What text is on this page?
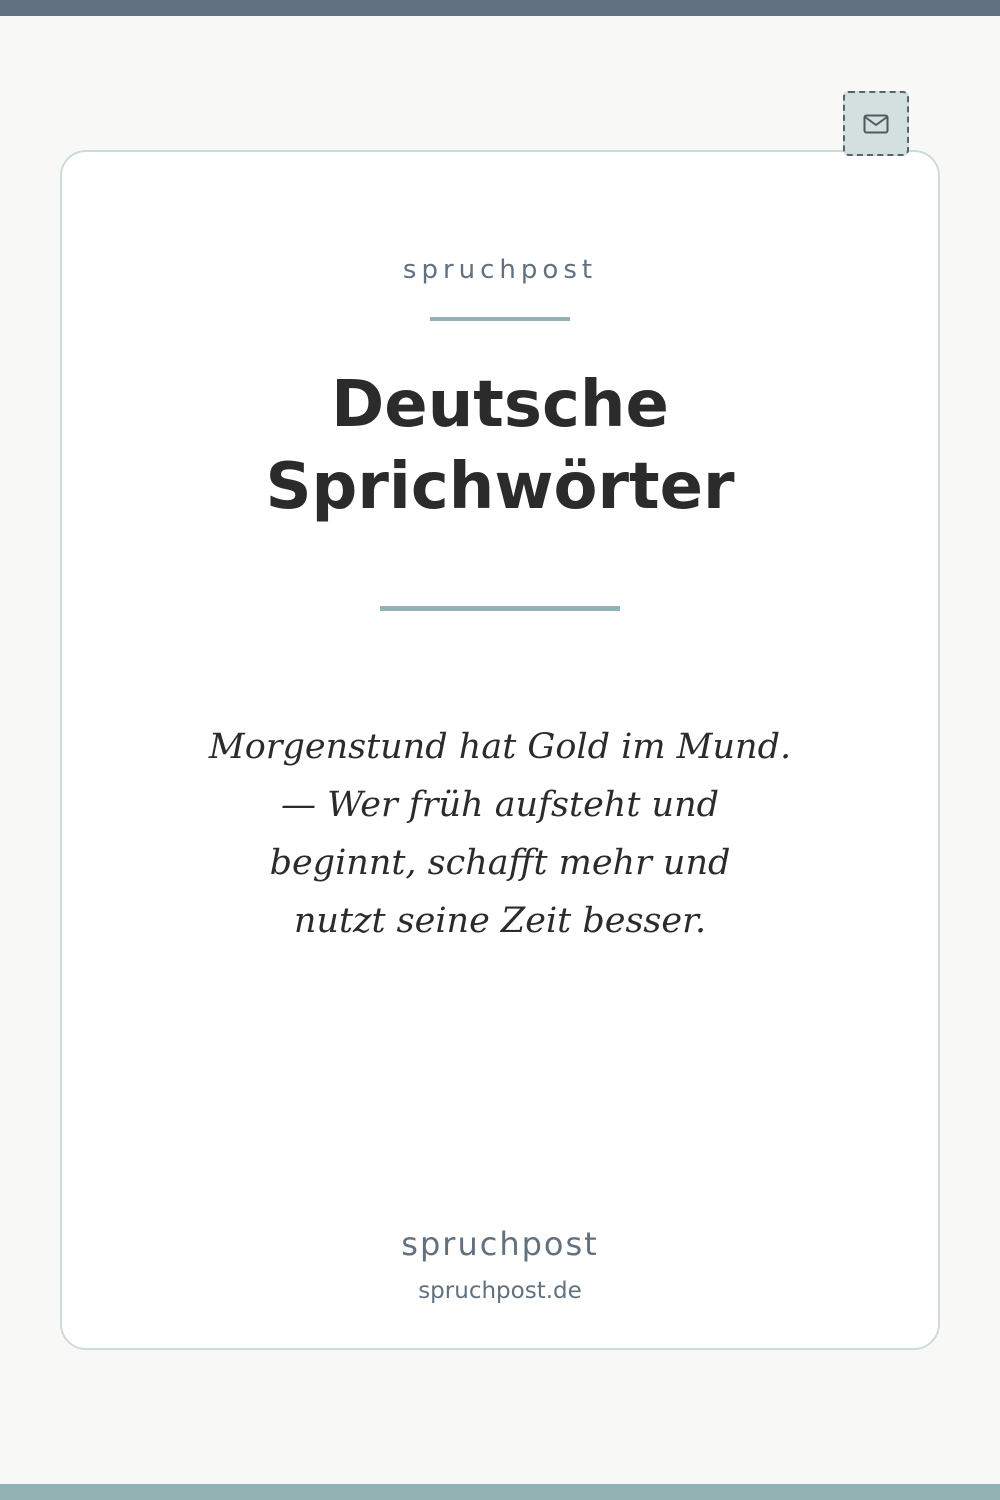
spruchpost
Deutsche
Sprichwörter
Morgenstund hat Gold im Mund.
— Wer früh aufsteht und
beginnt, schafft mehr und
nutzt seine Zeit besser.
spruchpost
spruchpost.de
